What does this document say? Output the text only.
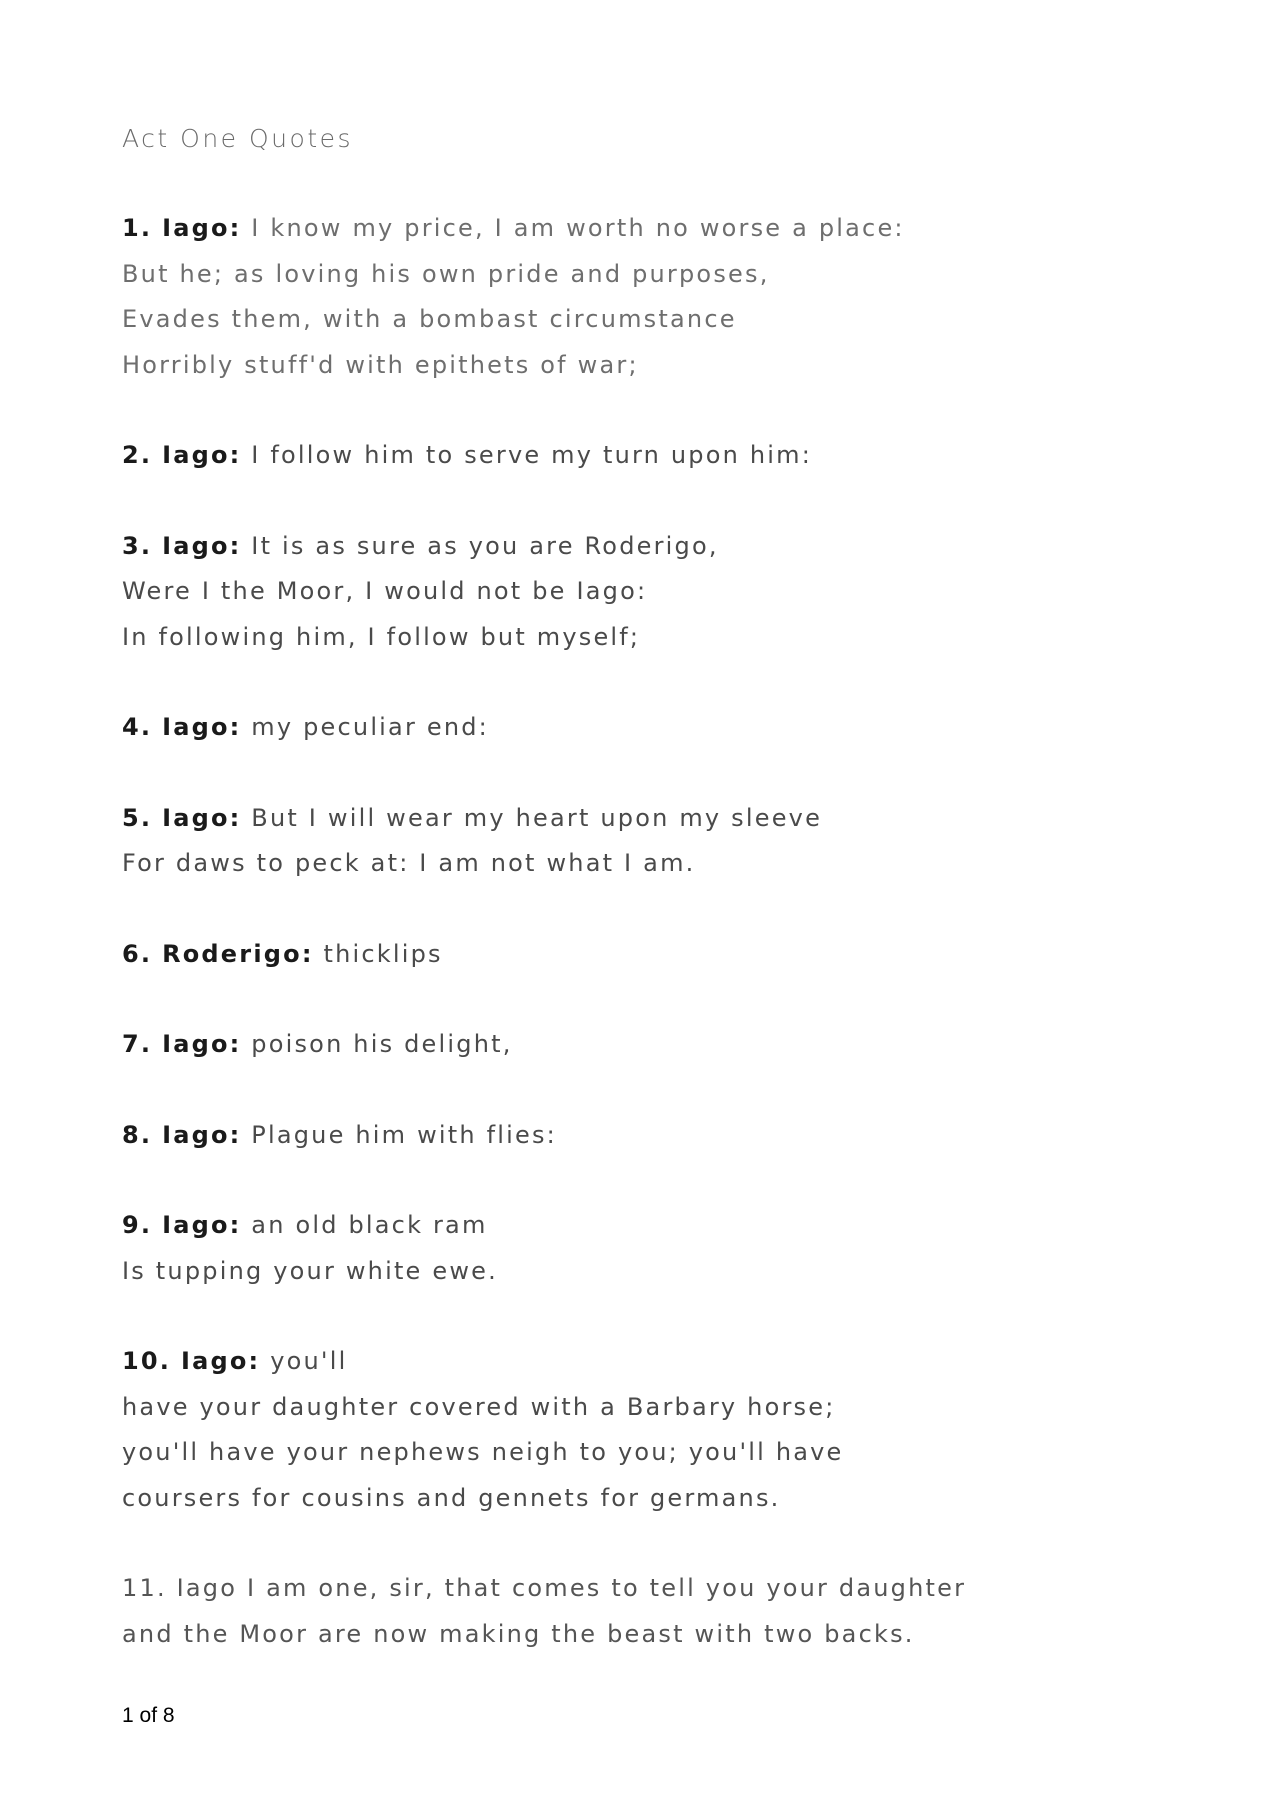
Act One Quotes
1. Iago: I know my price, I am worth no worse a place:
But he; as loving his own pride and purposes,
Evades them, with a bombast circumstance
Horribly stuff'd with epithets of war;
2. Iago: I follow him to serve my turn upon him:
3. Iago: It is as sure as you are Roderigo,
Were I the Moor, I would not be Iago:
In following him, I follow but myself;
4. Iago: my peculiar end:
5. Iago: But I will wear my heart upon my sleeve
For daws to peck at: I am not what I am.
6. Roderigo: thicklips
7. Iago: poison his delight,
8. Iago: Plague him with flies:
9. Iago: an old black ram
Is tupping your white ewe.
10. Iago: you'll
have your daughter covered with a Barbary horse;
you'll have your nephews neigh to you; you'll have
coursers for cousins and gennets for germans.
11. Iago I am one, sir, that comes to tell you your daughter
and the Moor are now making the beast with two backs.
1 of 8
